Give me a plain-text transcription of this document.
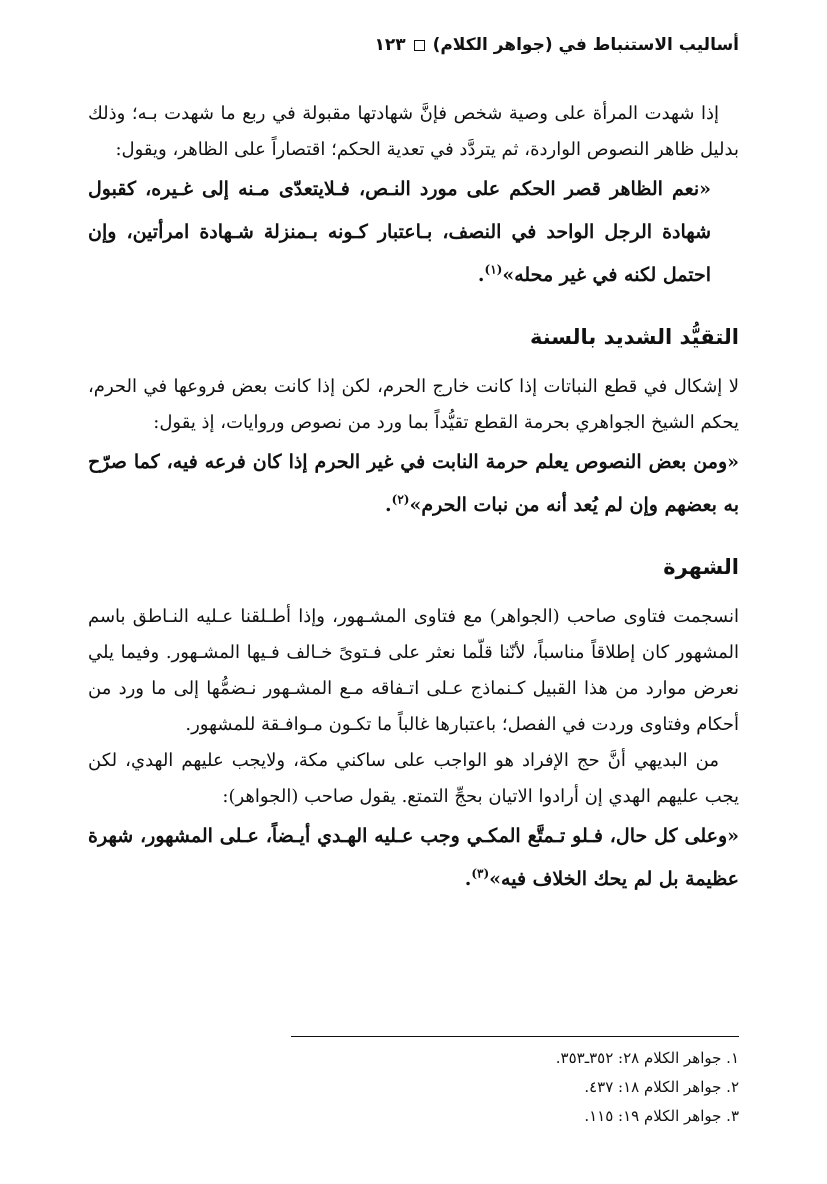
أساليب الاستنباط في (جواهر الكلام)١٢٣

إذا شهدت المرأة على وصية شخص فإنَّ شهادتها مقبولة في ربع ما شهدت بـه؛ وذلك بدليل ظاهر النصوص الواردة، ثم يتردَّد في تعدية الحكم؛ اقتصاراً على الظاهر، ويقول:

«نعم الظاهر قصر الحكم على مورد النـص، فـلايتعدّى مـنه إلى غـيره، كقبول شهادة الرجل الواحد في النصف، بـاعتبار كـونه بـمنزلة شـهادة امرأتين، وإن احتمل لكنه في غير محله»$^{(١)}$.

التقيُّد الشديد بالسنة

لا إشكال في قطع النباتات إذا كانت خارج الحرم، لكن إذا كانت بعض فروعها في الحرم، يحكم الشيخ الجواهري بحرمة القطع تقيُّداً بما ورد من نصوص وروايات، إذ يقول:

«ومن بعض النصوص يعلم حرمة النابت في غير الحرم إذا كان فرعه فيه، كما صرّح به بعضهم وإن لم يُعد أنه من نبات الحرم»$^{(٢)}$.

الشهرة

انسجمت فتاوى صاحب (الجواهر) مع فتاوى المشـهور، وإذا أطـلقنا عـليه النـاطق باسم المشهور كان إطلاقاً مناسباً، لأنّنا قلّما نعثر على فـتوىً خـالف فـيها المشـهور. وفيما يلي نعرض موارد من هذا القبيل كـنماذج عـلى اتـفاقه مـع المشـهور نـضمُّها إلى ما ورد من أحكام وفتاوى وردت في الفصل؛ باعتبارها غالباً ما تكـون مـوافـقة للمشهور.

من البديهي أنَّ حج الإفراد هو الواجب على ساكني مكة، ولايجب عليهم الهدي، لكن يجب عليهم الهدي إن أرادوا الاتيان بحجِّ التمتع. يقول صاحب (الجواهر):

«وعلى كل حال، فـلو تـمتَّع المكـي وجب عـليه الهـدي أيـضاً، عـلى المشهور، شهرة عظيمة بل لم يحك الخلاف فيه»$^{(٣)}$.

١. جواهر الكلام ٢٨: ٣٥٢ـ٣٥٣.

٢. جواهر الكلام ١٨: ٤٣٧.

٣. جواهر الكلام ١٩: ١١٥.
